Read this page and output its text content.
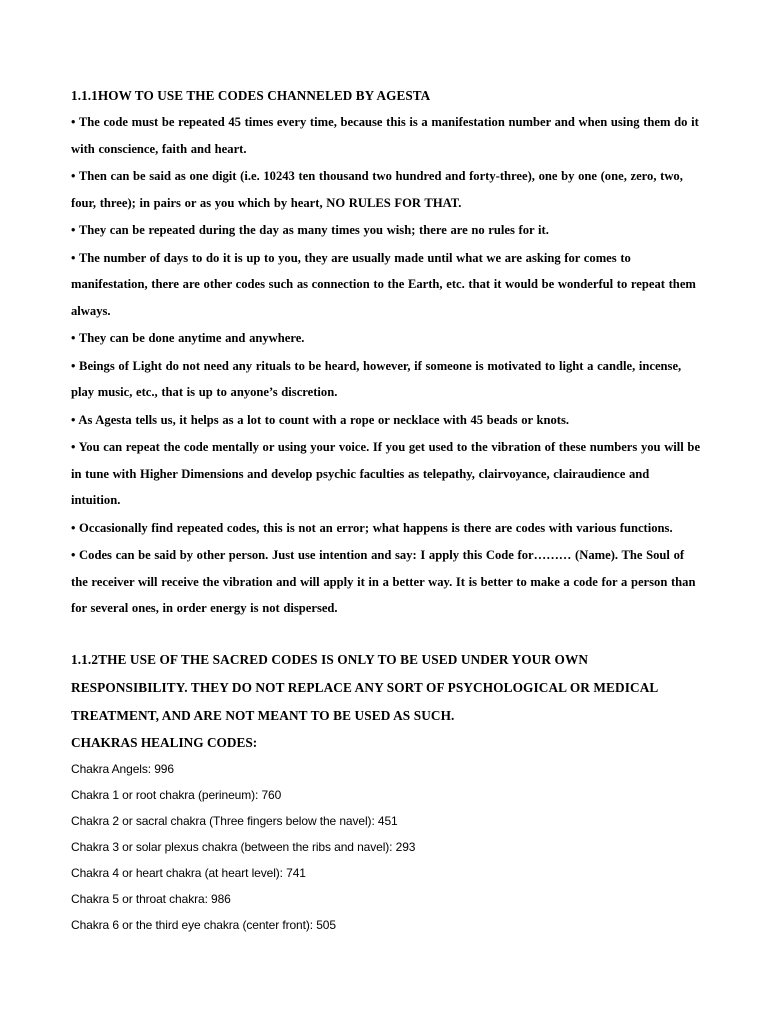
1.1.1HOW TO USE THE CODES CHANNELED BY AGESTA

• The code must be repeated 45 times every time, because this is a manifestation number and when using them do it with conscience, faith and heart.
• Then can be said as one digit (i.e. 10243 ten thousand two hundred and forty-three), one by one (one, zero, two, four, three); in pairs or as you which by heart, NO RULES FOR THAT.
• They can be repeated during the day as many times you wish; there are no rules for it.
• The number of days to do it is up to you, they are usually made until what we are asking for comes to manifestation, there are other codes such as connection to the Earth, etc. that it would be wonderful to repeat them always.
• They can be done anytime and anywhere.
• Beings of Light do not need any rituals to be heard, however, if someone is motivated to light a candle, incense, play music, etc., that is up to anyone’s discretion.
• As Agesta tells us, it helps as a lot to count with a rope or necklace with 45 beads or knots.
• You can repeat the code mentally or using your voice. If you get used to the vibration of these numbers you will be in tune with Higher Dimensions and develop psychic faculties as telepathy, clairvoyance, clairaudience and intuition.
• Occasionally find repeated codes, this is not an error; what happens is there are codes with various functions.
• Codes can be said by other person. Just use intention and say: I apply this Code for……… (Name). The Soul of the receiver will receive the vibration and will apply it in a better way. It is better to make a code for a person than for several ones, in order energy is not dispersed.

1.1.2THE USE OF THE SACRED CODES IS ONLY TO BE USED UNDER YOUR OWN RESPONSIBILITY. THEY DO NOT REPLACE ANY SORT OF PSYCHOLOGICAL OR MEDICAL TREATMENT, AND ARE NOT MEANT TO BE USED AS SUCH.

CHAKRAS HEALING CODES:

Chakra Angels: 996
Chakra 1 or root chakra (perineum): 760
Chakra 2 or sacral chakra (Three fingers below the navel): 451
Chakra 3 or solar plexus chakra (between the ribs and navel): 293
Chakra 4 or heart chakra (at heart level): 741
Chakra 5 or throat chakra: 986
Chakra 6 or the third eye chakra (center front): 505
